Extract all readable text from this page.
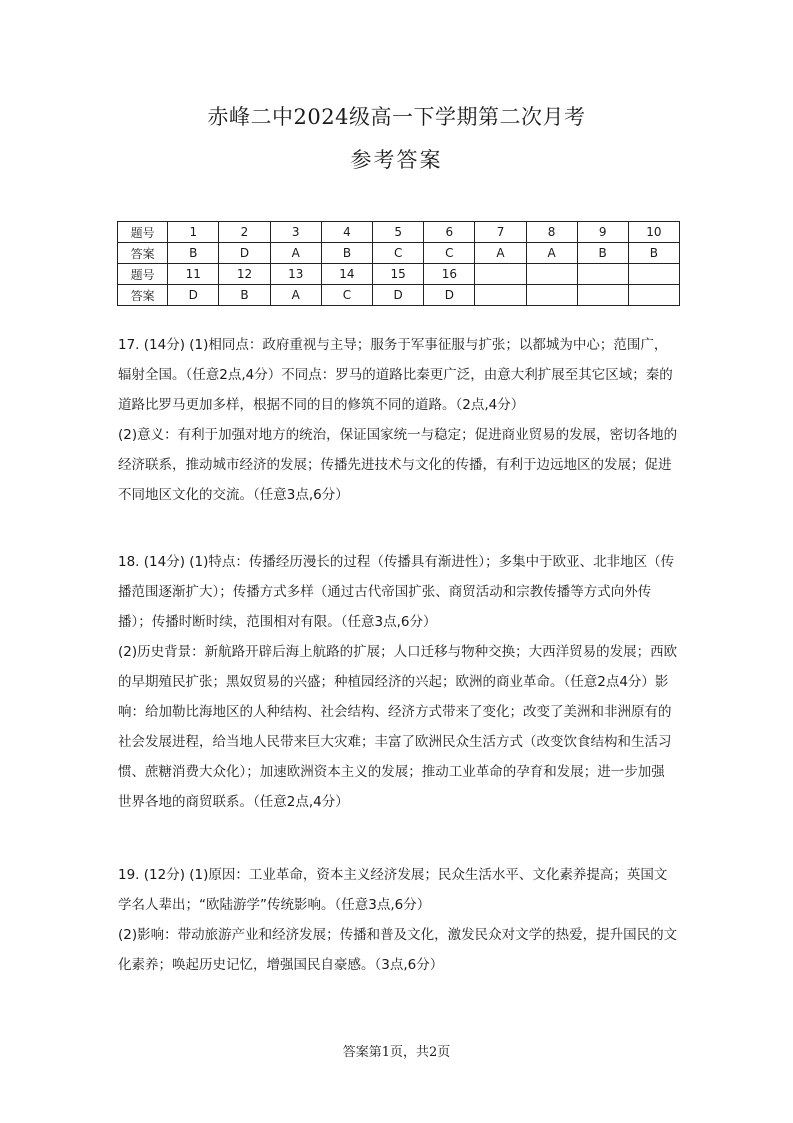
赤峰二中2024级高一下学期第二次月考
参考答案
题号	1	2	3	4	5	6	7	8	9	10
答案	B	D	A	B	C	C	A	A	B	B
题号	11	12	13	14	15	16				
答案	D	B	A	C	D	D				

17. (14分) (1)相同点：政府重视与主导；服务于军事征服与扩张；以都城为中心；范围广，辐射全国。（任意2点,4分）不同点：罗马的道路比秦更广泛，由意大利扩展至其它区域；秦的道路比罗马更加多样，根据不同的目的修筑不同的道路。（2点,4分）

(2)意义：有利于加强对地方的统治，保证国家统一与稳定；促进商业贸易的发展，密切各地的经济联系，推动城市经济的发展；传播先进技术与文化的传播，有利于边远地区的发展；促进不同地区文化的交流。（任意3点,6分）

18. (14分) (1)特点：传播经历漫长的过程（传播具有渐进性）；多集中于欧亚、北非地区（传播范围逐渐扩大）；传播方式多样（通过古代帝国扩张、商贸活动和宗教传播等方式向外传播）；传播时断时续，范围相对有限。（任意3点,6分）

(2)历史背景：新航路开辟后海上航路的扩展；人口迁移与物种交换；大西洋贸易的发展；西欧的早期殖民扩张；黑奴贸易的兴盛；种植园经济的兴起；欧洲的商业革命。（任意2点4分）影响：给加勒比海地区的人种结构、社会结构、经济方式带来了变化；改变了美洲和非洲原有的社会发展进程，给当地人民带来巨大灾难；丰富了欧洲民众生活方式（改变饮食结构和生活习惯、蔗糖消费大众化）；加速欧洲资本主义的发展；推动工业革命的孕育和发展；进一步加强世界各地的商贸联系。（任意2点,4分）

19. (12分) (1)原因：工业革命，资本主义经济发展；民众生活水平、文化素养提高；英国文学名人辈出；“欧陆游学”传统影响。（任意3点,6分）

(2)影响：带动旅游产业和经济发展；传播和普及文化，激发民众对文学的热爱，提升国民的文化素养；唤起历史记忆，增强国民自豪感。（3点,6分）

答案第1页，共2页
